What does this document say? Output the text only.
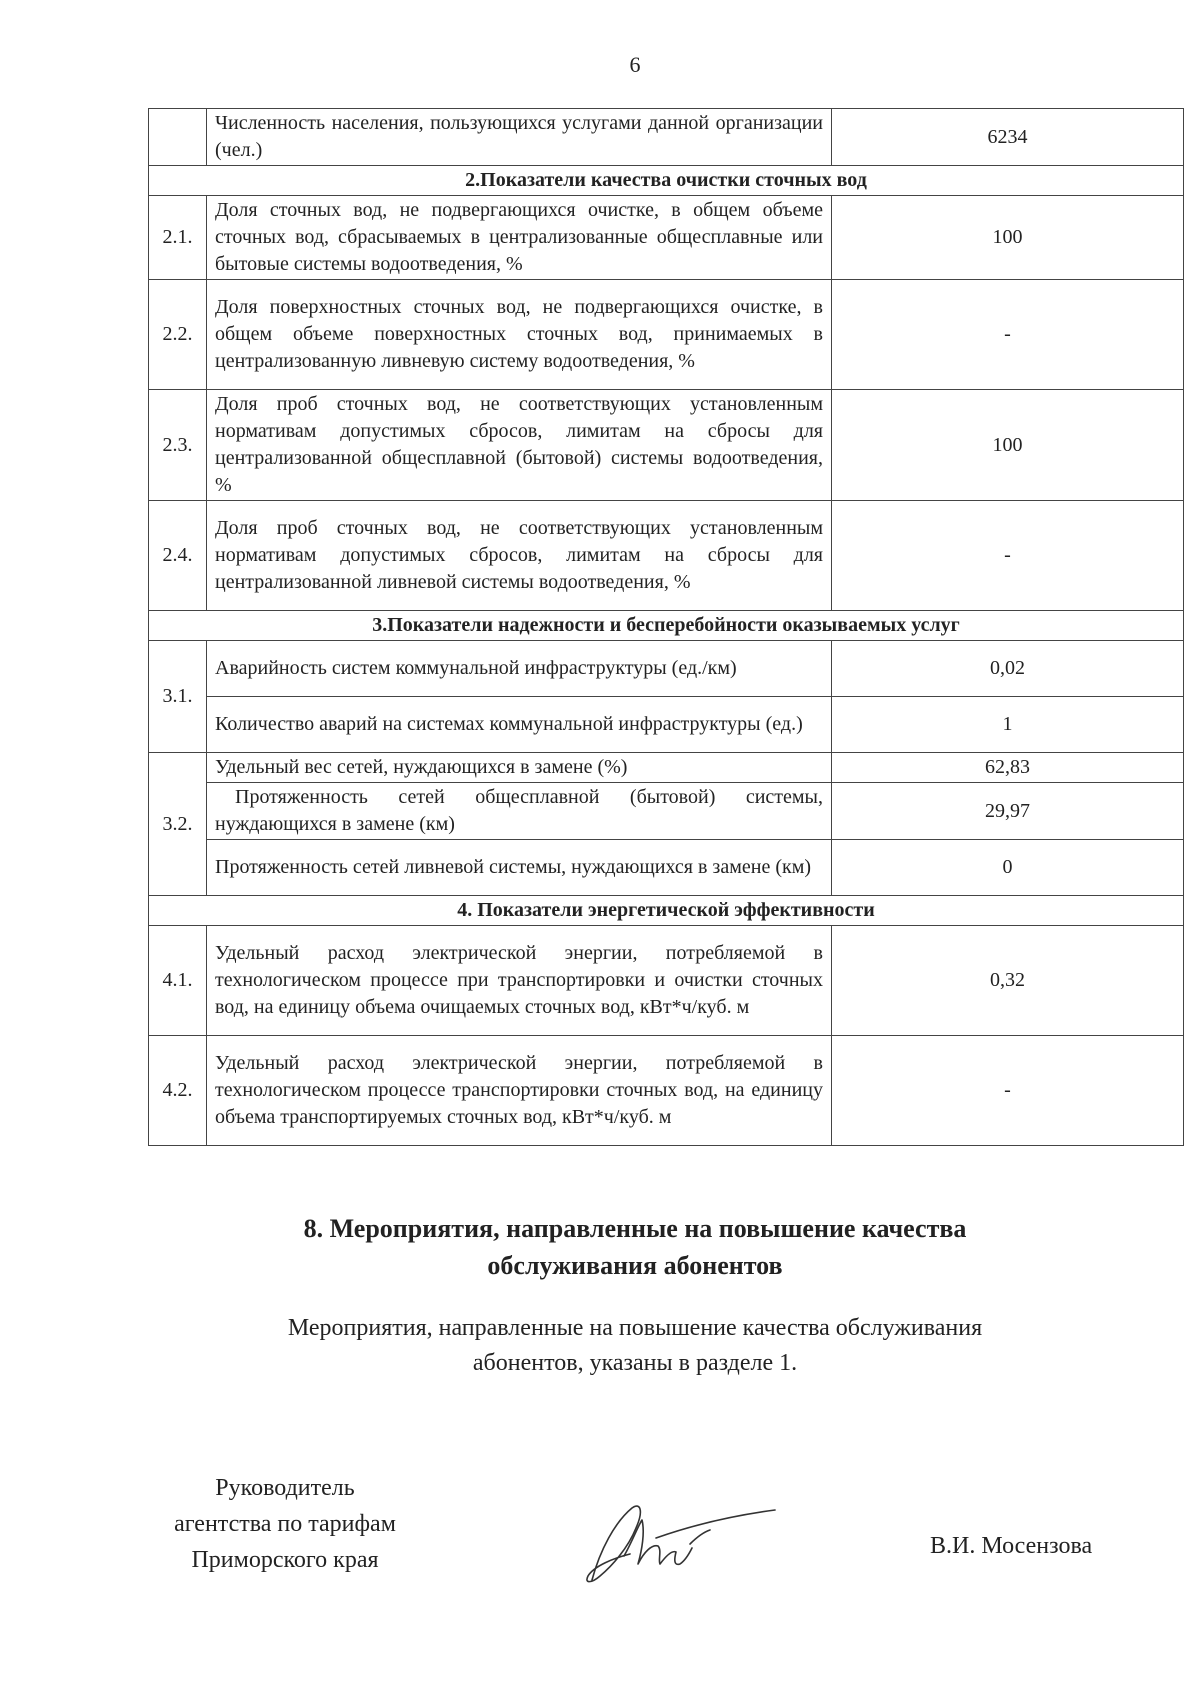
6
	Численность населения, пользующихся услугами данной организации (чел.)	6234
2.Показатели качества очистки сточных вод		
2.1.	Доля сточных вод, не подвергающихся очистке, в общем объеме сточных вод, сбрасываемых в централизованные общесплавные или бытовые системы водоотведения, %	100
2.2.	Доля поверхностных сточных вод, не подвергающихся очистке, в общем объеме поверхностных сточных вод, принимаемых в централизованную ливневую систему водоотведения, %	-
2.3.	Доля проб сточных вод, не соответствующих установленным нормативам допустимых сбросов, лимитам на сбросы для централизованной общесплавной (бытовой) системы водоотведения, %	100
2.4.	Доля проб сточных вод, не соответствующих установленным нормативам допустимых сбросов, лимитам на сбросы для централизованной ливневой системы водоотведения, %	-
3.Показатели надежности и бесперебойности оказываемых услуг		
3.1.	Аварийность систем коммунальной инфраструктуры (ед./км)	0,02
	Количество аварий на системах коммунальной инфраструктуры (ед.)	1
3.2.	Удельный вес сетей, нуждающихся в замене (%)	62,83
	Протяженность сетей общесплавной (бытовой) системы, нуждающихся в замене (км)	29,97
	Протяженность сетей ливневой системы, нуждающихся в замене (км)	0
4. Показатели энергетической эффективности		
4.1.	Удельный расход электрической энергии, потребляемой в технологическом процессе при транспортировки и очистки сточных вод, на единицу объема очищаемых сточных вод, кВт*ч/куб. м	0,32
4.2.	Удельный расход электрической энергии, потребляемой в технологическом процессе транспортировки сточных вод, на единицу объема транспортируемых сточных вод, кВт*ч/куб. м	-
8. Мероприятия, направленные на повышение качества
обслуживания абонентов
Мероприятия, направленные на повышение качества обслуживания
абонентов, указаны в разделе 1.
Руководитель
агентства по тарифам
Приморского края
В.И. Мосензова
